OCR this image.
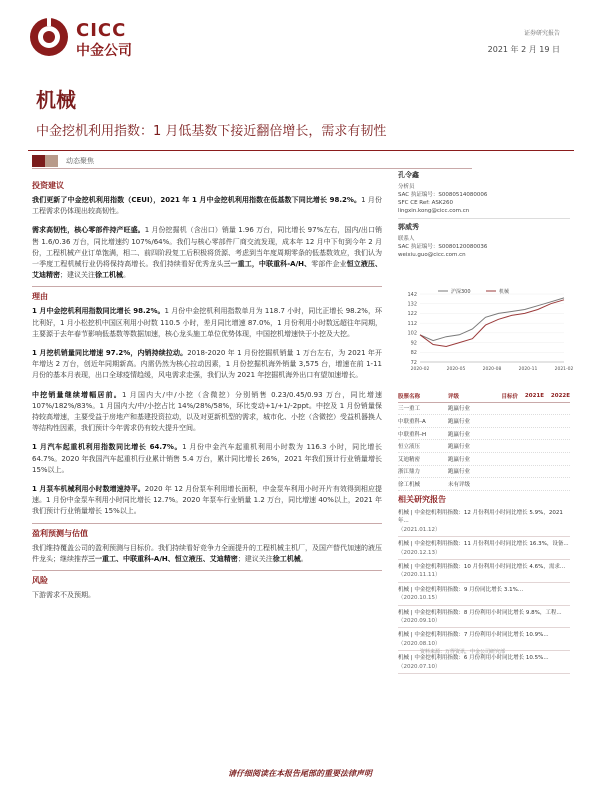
CICC
中金公司
证券研究报告
2021 年 2 月 19 日
机械
中金挖机利用指数：1 月低基数下接近翻倍增长，需求有韧性
动态聚焦
投资建议

我们更新了中金挖机利用指数（CEUI），2021 年 1 月中金挖机利用指数在低基数下同比增长 98.2%。1 月份工程需求仍体现出较高韧性。

需求高韧性，核心零部件持产旺盛。1 月份挖掘机（含出口）销量 1.96 万台，同比增长 97%左右，国内/出口销售 1.6/0.36 万台，同比增速约 107%/64%。我们与核心零部件厂商交流发现，成本年 12 月中下旬到今年 2 月份，工程机械产业订单饱满，相二、前四阶段复工后积极将货源、考虑到当年度周期零条的低基数效应，我们认为一季度工程机械行业仍将保持高增长。我们持续看好优秀龙头三一重工，中联重科-A/H、零部件企业恒立液压、艾迪精密；建议关注徐工机械。

理由

1 月中金挖机利用指数同比增长 98.2%。1 月份中金挖机利用指数单月为 118.7 小时，同比正增长 98.2%，环比利好，1 月小松挖机中国区利用小时数 110.5 小时，差月同比增速 87.0%，1 月份利用小时数远超往年同期，主要源于去年春节影响低基数等数据加速，核心龙头施工单位优势体现，中国挖机增速快于小挖及大挖。

1 月挖机销量同比增速 97.2%，内销持续拉动。2018-2020 年 1 月份挖掘机销量 1 万台左右，为 2021 年开年增达 2 万台，创近年同期新高。内需仍然为核心拉动因素，1 月份挖掘机海外销量 3,575 台，增速在前 1-11 月份的基本月表现，出口全球疫情趋缓，风电需求走强，我们认为 2021 年挖掘机海外出口有望加速增长。

中挖销量继续增幅居前。1 月国内大/中/小挖（含微挖）分别销售 0.23/0.45/0.93 万台，同比增速 107%/182%/83%。1 月国内大/中/小挖占比 14%/28%/58%，环比变动+1/+1/-2ppt。中挖及 1 月份销量保持较高增速，主要受益于房地产和基建投资拉动，以及对更新机型的需求，城市化、小挖（含微挖）受益机器换人等结构性因素，我们预计今年需求仍有较大提升空间。

1 月汽车起重机利用指数同比增长 64.7%。1 月份中金汽车起重机利用小时数为 116.3 小时，同比增长 64.7%。2020 年我国汽车起重机行业累计销售 5.4 万台，累计同比增长 26%，2021 年我们预计行业销量增长 15%以上。

1 月泵车机械利用小时数增速持平。2020 年 12 月份泵车利用增长面积，中金泵车利用小时开片有效得到相应提速。1 月份中金泵车利用小时同比增长 12.7%。2020 年泵车行业销量 1.2 万台，同比增速 40%以上，2021 年我们预计行业销量增长 15%以上。

盈利预测与估值

我们维持覆盖公司的盈利预测与目标价。我们持续看好竞争力全面提升的工程机械主机厂，及国产替代加速的液压件龙头；继续推荐三一重工、中联重科-A/H、恒立液压、艾迪精密；建议关注徐工机械。

风险

下游需求不及预期。

孔令鑫
分析员
SAC 执证编号：S0080514080006
SFC CE Ref: ASK260
lingxin.kong@cicc.com.cn
郭威秀
联系人
SAC 执证编号：S0080120080036
weixiu.guo@cicc.com.cn
72
82
92
102
112
122
132
142
2020-02	2020-05	2020-08	2020-11	2021-02
沪深300	机械
股票名称	评级	目标价	2021E	2022E
三一重工	跑赢行业
中联重科-A	跑赢行业
中联重科-H	跑赢行业
恒立液压	跑赢行业
艾迪精密	跑赢行业
浙江鼎力	跑赢行业
徐工机械	未有评级
相关研究报告
机械 | 中金挖机利用指数：12 月份利用小时同比增长 5.9%，2021 年...
（2021.01.12）
机械 | 中金挖机利用指数：11 月份利用小时同比增长 16.3%，设备...
（2020.12.13）
机械 | 中金挖机利用指数：10 月份利用小时同比增长 4.6%，需求...
（2020.11.11）
机械 | 中金挖机利用指数：9 月份同比增长 3.1%...
（2020.10.15）
机械 | 中金挖机利用指数：8 月份利用小时同比增长 9.8%，工程...
（2020.09.10）
机械 | 中金挖机利用指数：7 月份利用小时同比增长 10.9%...
（2020.08.10）
机械 | 中金挖机利用指数：6 月份利用小时同比增长 10.5%...
（2020.07.10）
资料来源：万得资讯，中金公司研究部
请仔细阅读在本报告尾部的重要法律声明
